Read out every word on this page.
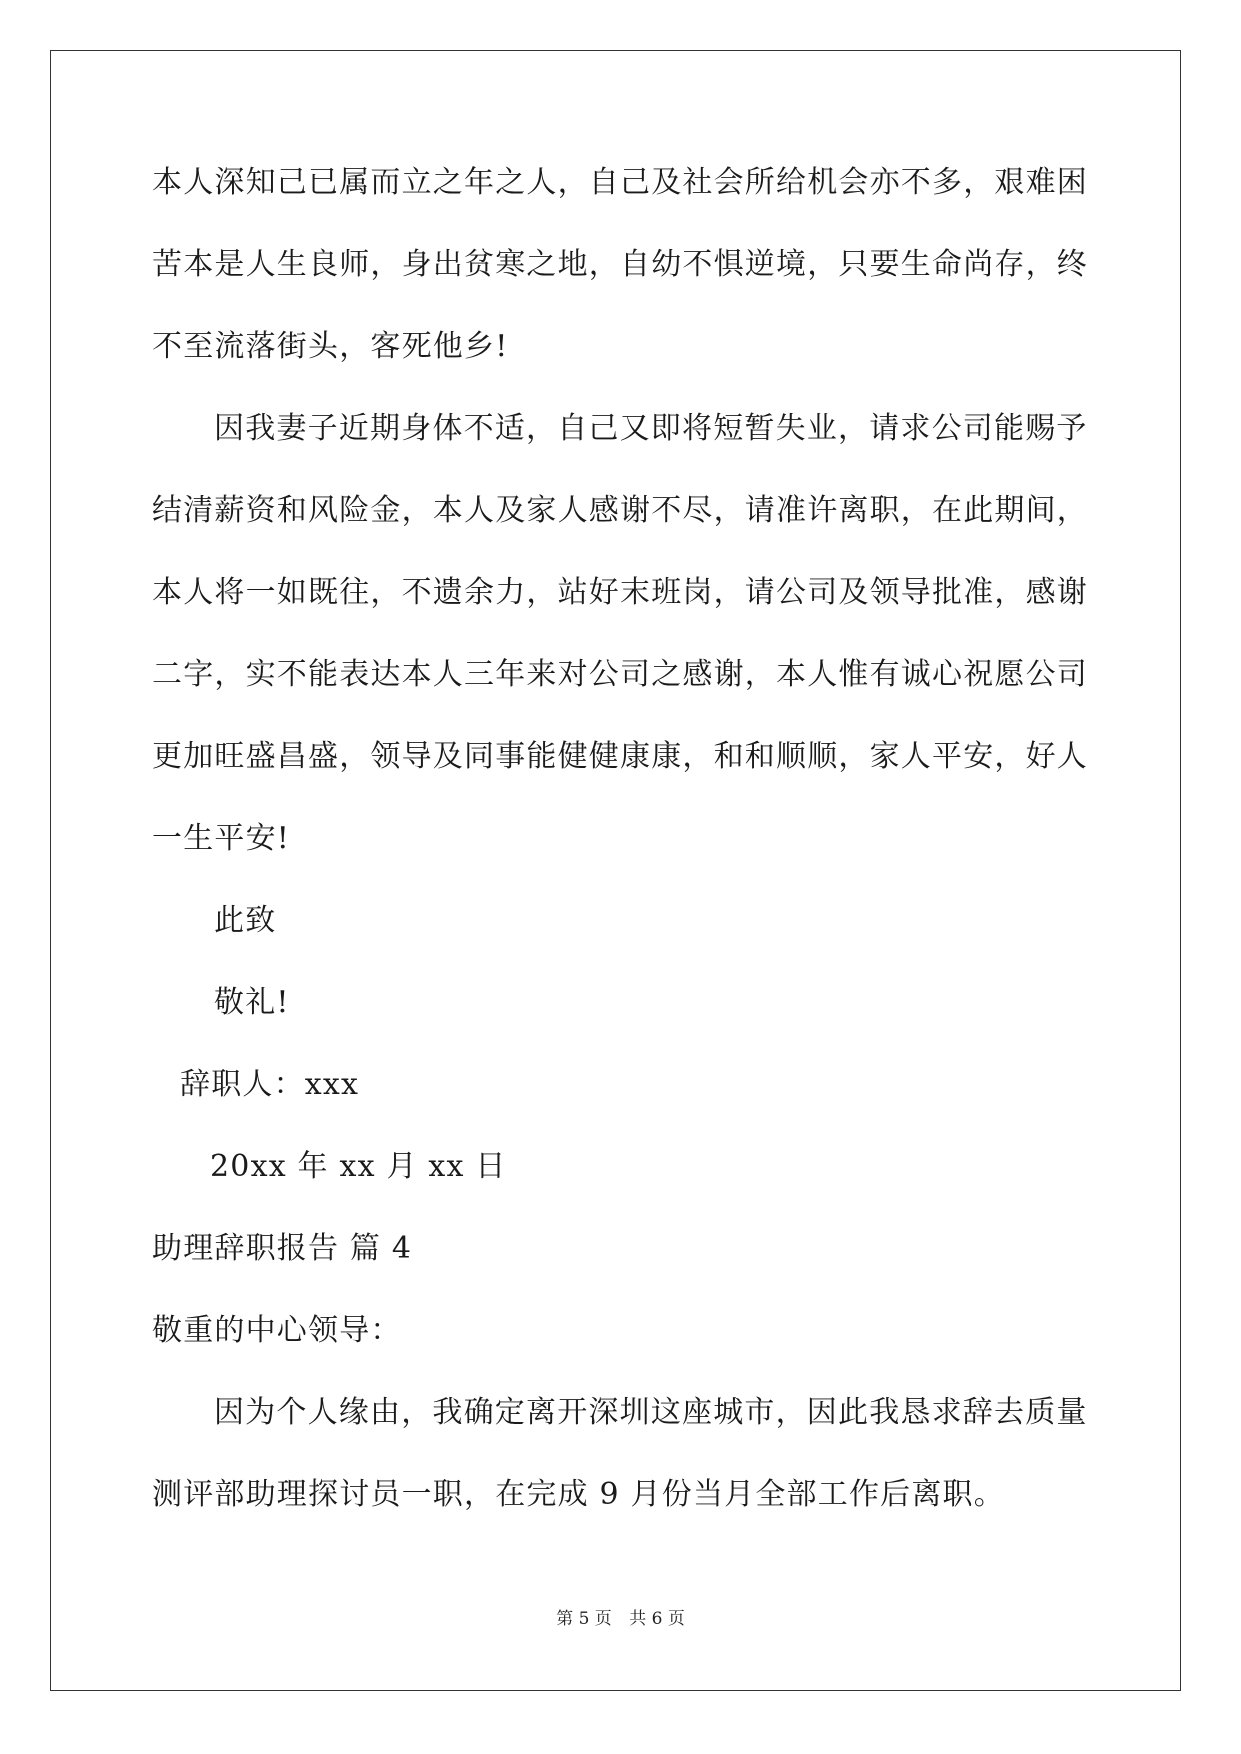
本人深知己已属而立之年之人，自己及社会所给机会亦不多，艰难困
苦本是人生良师，身出贫寒之地，自幼不惧逆境，只要生命尚存，终
不至流落街头，客死他乡!
因我妻子近期身体不适，自己又即将短暂失业，请求公司能赐予
结清薪资和风险金，本人及家人感谢不尽，请准许离职，在此期间，
本人将一如既往，不遗余力，站好末班岗，请公司及领导批准，感谢
二字，实不能表达本人三年来对公司之感谢，本人惟有诚心祝愿公司
更加旺盛昌盛，领导及同事能健健康康，和和顺顺，家人平安，好人
一生平安!
此致
敬礼!
辞职人：xxx
20xx 年 xx 月 xx 日
助理辞职报告 篇 4
敬重的中心领导：
因为个人缘由，我确定离开深圳这座城市，因此我恳求辞去质量
测评部助理探讨员一职，在完成 9 月份当月全部工作后离职。
第 5 页 共 6 页
